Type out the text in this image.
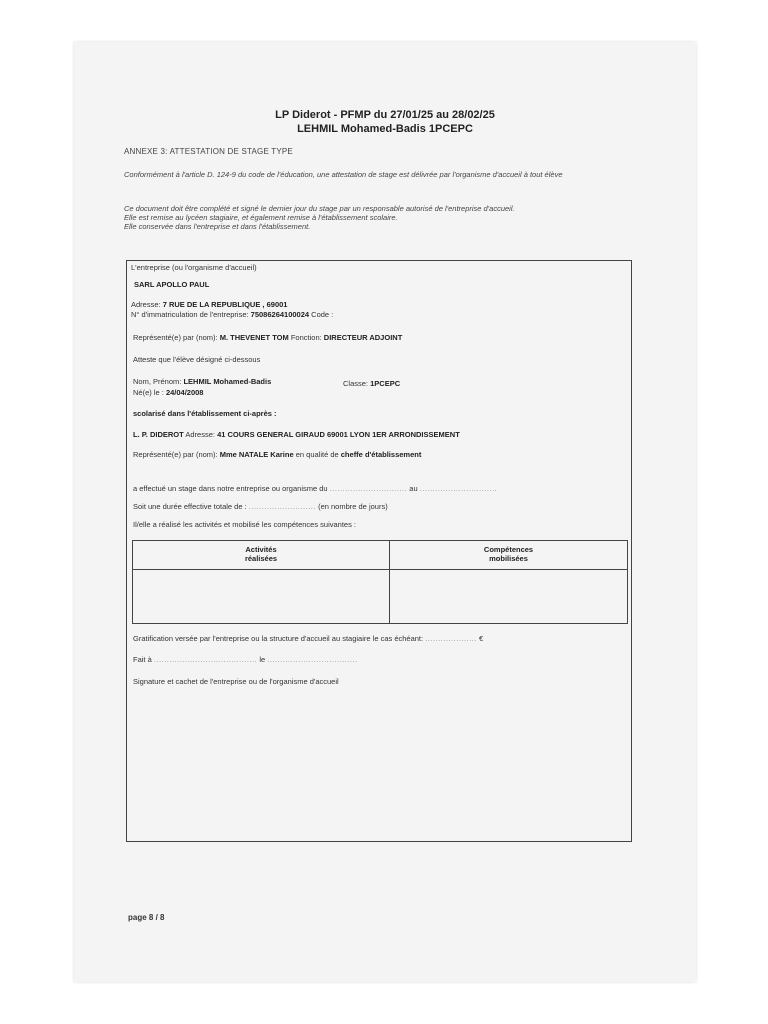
LP Diderot - PFMP du 27/01/25 au 28/02/25
LEHMIL Mohamed-Badis 1PCEPC
ANNEXE 3: ATTESTATION DE STAGE TYPE
Conformément à l'article D. 124-9 du code de l'éducation, une attestation de stage est délivrée par l'organisme d'accueil à tout élève
Ce document doit être complété et signé le dernier jour du stage par un responsable autorisé de l'entreprise d'accueil.
Elle est remise au lycéen stagiaire, et également remise à l'établissement scolaire.
Elle conservée dans l'entreprise et dans l'établissement.
L'entreprise (ou l'organisme d'accueil)
SARL APOLLO PAUL
Adresse: 7 RUE DE LA REPUBLIQUE , 69001
N° d'immatriculation de l'entreprise: 75086264100024 Code :
Représenté(e) par (nom): M. THEVENET TOM Fonction: DIRECTEUR ADJOINT
Atteste que l'élève désigné ci-dessous
Nom, Prénom: LEHMIL Mohamed-Badis	Classe: 1PCEPC
Né(e) le : 24/04/2008
scolarisé dans l'établissement ci-après :
L. P. DIDEROT Adresse: 41 COURS GENERAL GIRAUD 69001 LYON 1ER ARRONDISSEMENT
Représenté(e) par (nom): Mme NATALE Karine en qualité de cheffe d'établissement
a effectué un stage dans notre entreprise ou organisme du .............................. au ..............................
Soit une durée effective totale de : .......................... (en nombre de jours)
Il/elle a réalisé les activités et mobilisé les compétences suivantes :
Activités
réalisées
Compétences
mobilisées
Gratification versée par l'entreprise ou la structure d'accueil au stagiaire le cas échéant: .................... €
Fait à ........................................ le ...................................
Signature et cachet de l'entreprise ou de l'organisme d'accueil
page 8 / 8
